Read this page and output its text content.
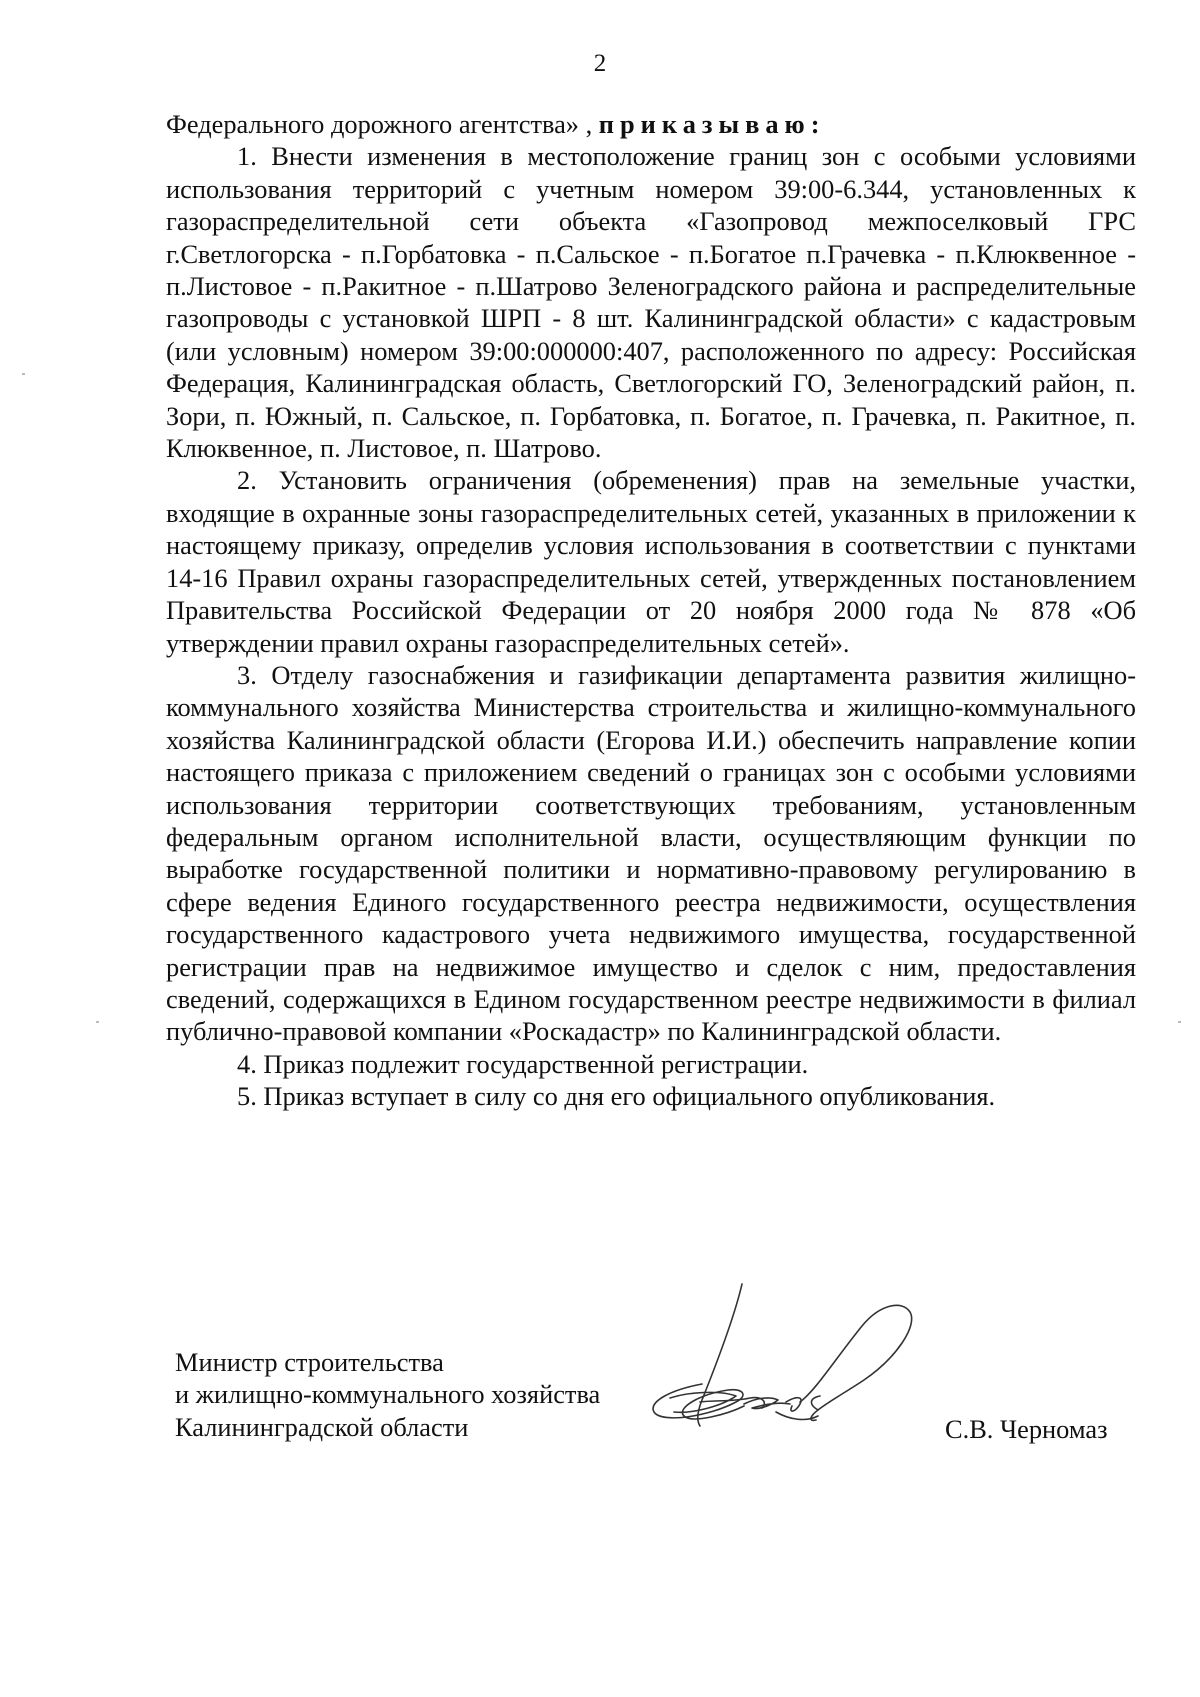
2

Федерального дорожного агентства» , приказываю:

1. Внести изменения в местоположение границ зон с особыми условиями использования территорий с учетным номером 39:00-6.344, установленных к газораспределительной сети объекта «Газопровод межпоселковый ГРС г.Светлогорска - п.Горбатовка - п.Сальское - п.Богатое п.Грачевка - п.Клюквенное - п.Листовое - п.Ракитное - п.Шатрово Зеленоградского района и распределительные газопроводы с установкой ШРП - 8 шт. Калининградской области» с кадастровым (или условным) номером 39:00:000000:407, расположенного по адресу: Российская Федерация, Калининградская область, Светлогорский ГО, Зеленоградский район, п. Зори, п. Южный, п. Сальское, п. Горбатовка, п. Богатое, п. Грачевка, п. Ракитное, п. Клюквенное, п. Листовое, п. Шатрово.

2. Установить ограничения (обременения) прав на земельные участки, входящие в охранные зоны газораспределительных сетей, указанных в приложении к настоящему приказу, определив условия использования в соответствии с пунктами 14-16 Правил охраны газораспределительных сетей, утвержденных постановлением Правительства Российской Федерации от 20 ноября 2000 года № 878 «Об утверждении правил охраны газораспределительных сетей».

3. Отделу газоснабжения и газификации департамента развития жилищно-коммунального хозяйства Министерства строительства и жилищно-коммунального хозяйства Калининградской области (Егорова И.И.) обеспечить направление копии настоящего приказа с приложением сведений о границах зон с особыми условиями использования территории соответствующих требованиям, установленным федеральным органом исполнительной власти, осуществляющим функции по выработке государственной политики и нормативно-правовому регулированию в сфере ведения Единого государственного реестра недвижимости, осуществления государственного кадастрового учета недвижимого имущества, государственной регистрации прав на недвижимое имущество и сделок с ним, предоставления сведений, содержащихся в Едином государственном реестре недвижимости в филиал публично-правовой компании «Роскадастр» по Калининградской области.

4. Приказ подлежит государственной регистрации.

5. Приказ вступает в силу со дня его официального опубликования.

Министр строительства
и жилищно-коммунального хозяйства
Калининградской области	С.В. Черномаз
